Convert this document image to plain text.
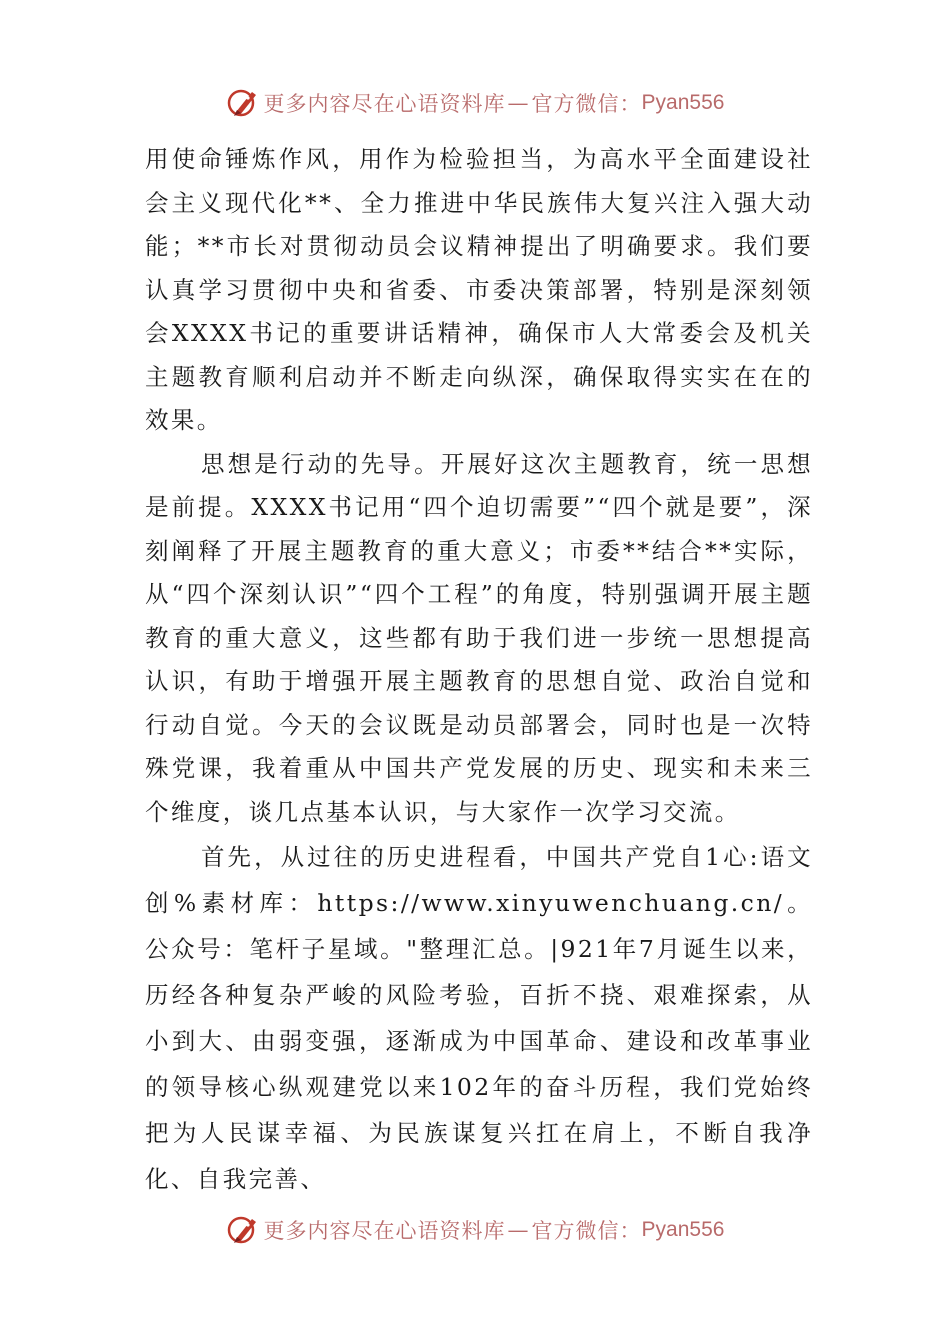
更多内容尽在心语资料库 — 官方微信： Pyan556

用使命锤炼作风，用作为检验担当，为高水平全面建设社会主义现代化**、全力推进中华民族伟大复兴注入强大动能；**市长对贯彻动员会议精神提出了明确要求。我们要认真学习贯彻中央和省委、市委决策部署，特别是深刻领会XXXX书记的重要讲话精神，确保市人大常委会及机关主题教育顺利启动并不断走向纵深，确保取得实实在在的效果。

思想是行动的先导。开展好这次主题教育，统一思想是前提。XXXX书记用“四个迫切需要”“四个就是要”，深刻阐释了开展主题教育的重大意义；市委**结合**实际，从“四个深刻认识”“四个工程”的角度，特别强调开展主题教育的重大意义，这些都有助于我们进一步统一思想提高认识，有助于增强开展主题教育的思想自觉、政治自觉和行动自觉。今天的会议既是动员部署会，同时也是一次特殊党课，我着重从中国共产党发展的历史、现实和未来三个维度，谈几点基本认识，与大家作一次学习交流。

首先，从过往的历史进程看，中国共产党自1心:语文创%素材库：https://www.xinyuwenchuang.cn/。公众号：笔杆子星域。"整理汇总。|921年7月诞生以来，历经各种复杂严峻的风险考验，百折不挠、艰难探索，从小到大、由弱变强，逐渐成为中国革命、建设和改革事业的领导核心纵观建党以来102年的奋斗历程，我们党始终把为人民谋幸福、为民族谋复兴扛在肩上，不断自我净化、自我完善、

更多内容尽在心语资料库 — 官方微信： Pyan556
